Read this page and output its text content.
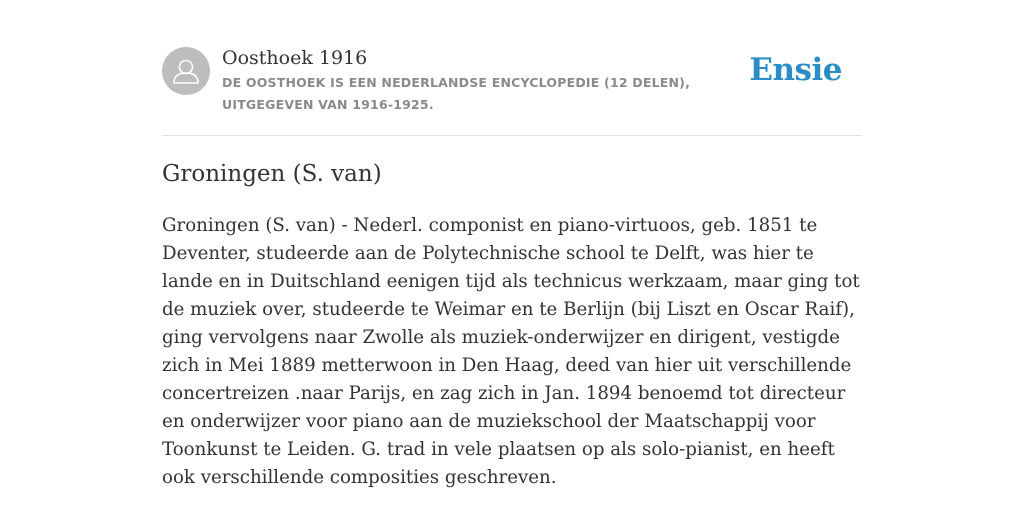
Oosthoek 1916
DE OOSTHOEK IS EEN NEDERLANDSE ENCYCLOPEDIE (12 DELEN), UITGEGEVEN VAN 1916-1925.
Ensie
Groningen (S. van)

Groningen (S. van) - Nederl. componist en piano-virtuoos, geb. 1851 te Deventer, studeerde aan de Polytechnische school te Delft, was hier te lande en in Duitschland eenigen tijd als technicus werkzaam, maar ging tot de muziek over, studeerde te Weimar en te Berlijn (bij Liszt en Oscar Raif), ging vervolgens naar Zwolle als muziek-onderwijzer en dirigent, vestigde zich in Mei 1889 metterwoon in Den Haag, deed van hier uit verschillende concertreizen .naar Parijs, en zag zich in Jan. 1894 benoemd tot directeur en onderwijzer voor piano aan de muziekschool der Maatschappij voor Toonkunst te Leiden. G. trad in vele plaatsen op als solo-pianist, en heeft ook verschillende composities geschreven.
